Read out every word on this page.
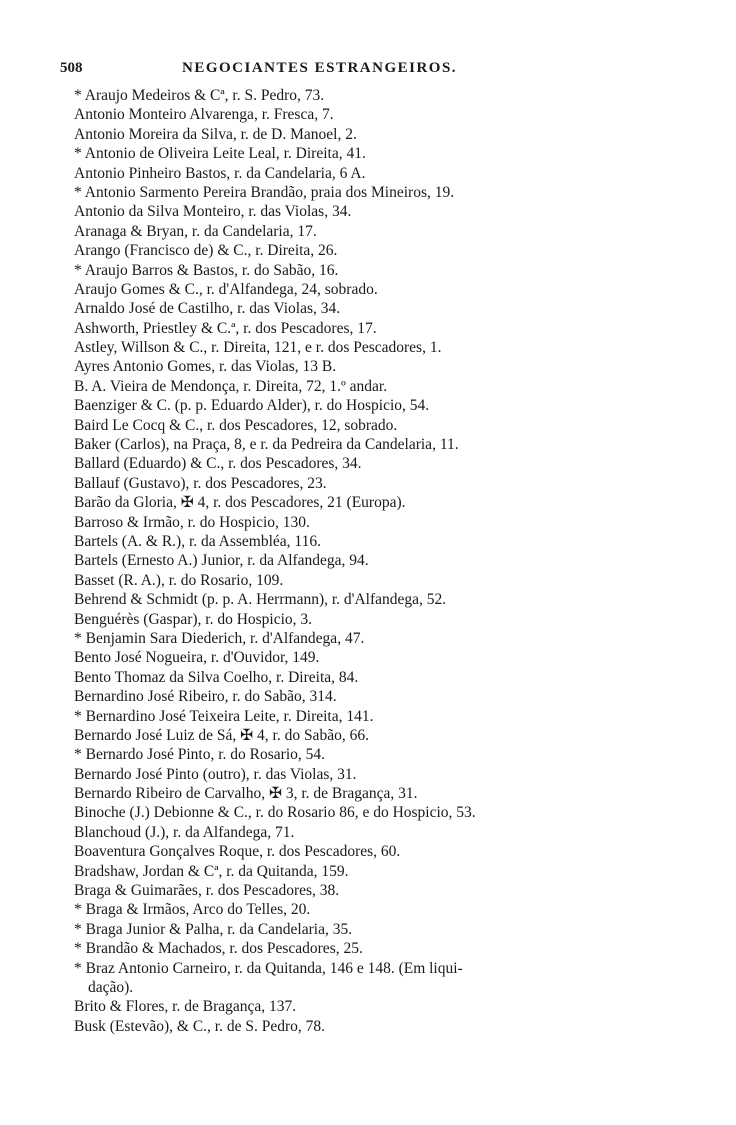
508	NEGOCIANTES ESTRANGEIROS.
* Araujo Medeiros & Cª, r. S. Pedro, 73.
Antonio Monteiro Alvarenga, r. Fresca, 7.
Antonio Moreira da Silva, r. de D. Manoel, 2.
* Antonio de Oliveira Leite Leal, r. Direita, 41.
Antonio Pinheiro Bastos, r. da Candelaria, 6 A.
* Antonio Sarmento Pereira Brandão, praia dos Mineiros, 19.
Antonio da Silva Monteiro, r. das Violas, 34.
Aranaga & Bryan, r. da Candelaria, 17.
Arango (Francisco de) & C., r. Direita, 26.
* Araujo Barros & Bastos, r. do Sabão, 16.
Araujo Gomes & C., r. d'Alfandega, 24, sobrado.
Arnaldo José de Castilho, r. das Violas, 34.
Ashworth, Priestley & C.ª, r. dos Pescadores, 17.
Astley, Willson & C., r. Direita, 121, e r. dos Pescadores, 1.
Ayres Antonio Gomes, r. das Violas, 13 B.
B. A. Vieira de Mendonça, r. Direita, 72, 1.º andar.
Baenziger & C. (p. p. Eduardo Alder), r. do Hospicio, 54.
Baird Le Cocq & C., r. dos Pescadores, 12, sobrado.
Baker (Carlos), na Praça, 8, e r. da Pedreira da Candelaria, 11.
Ballard (Eduardo) & C., r. dos Pescadores, 34.
Ballauf (Gustavo), r. dos Pescadores, 23.
Barão da Gloria, ✠ 4, r. dos Pescadores, 21 (Europa).
Barroso & Irmão, r. do Hospicio, 130.
Bartels (A. & R.), r. da Assembléa, 116.
Bartels (Ernesto A.) Junior, r. da Alfandega, 94.
Basset (R. A.), r. do Rosario, 109.
Behrend & Schmidt (p. p. A. Herrmann), r. d'Alfandega, 52.
Benguérès (Gaspar), r. do Hospicio, 3.
* Benjamin Sara Diederich, r. d'Alfandega, 47.
Bento José Nogueira, r. d'Ouvidor, 149.
Bento Thomaz da Silva Coelho, r. Direita, 84.
Bernardino José Ribeiro, r. do Sabão, 314.
* Bernardino José Teixeira Leite, r. Direita, 141.
Bernardo José Luiz de Sá, ✠ 4, r. do Sabão, 66.
* Bernardo José Pinto, r. do Rosario, 54.
Bernardo José Pinto (outro), r. das Violas, 31.
Bernardo Ribeiro de Carvalho, ✠ 3, r. de Bragança, 31.
Binoche (J.) Debionne & C., r. do Rosario 86, e do Hospicio, 53.
Blanchoud (J.), r. da Alfandega, 71.
Boaventura Gonçalves Roque, r. dos Pescadores, 60.
Bradshaw, Jordan & Cª, r. da Quitanda, 159.
Braga & Guimarães, r. dos Pescadores, 38.
* Braga & Irmãos, Arco do Telles, 20.
* Braga Junior & Palha, r. da Candelaria, 35.
* Brandão & Machados, r. dos Pescadores, 25.
* Braz Antonio Carneiro, r. da Quitanda, 146 e 148. (Em liqui-
dação).
Brito & Flores, r. de Bragança, 137.
Busk (Estevão), & C., r. de S. Pedro, 78.
